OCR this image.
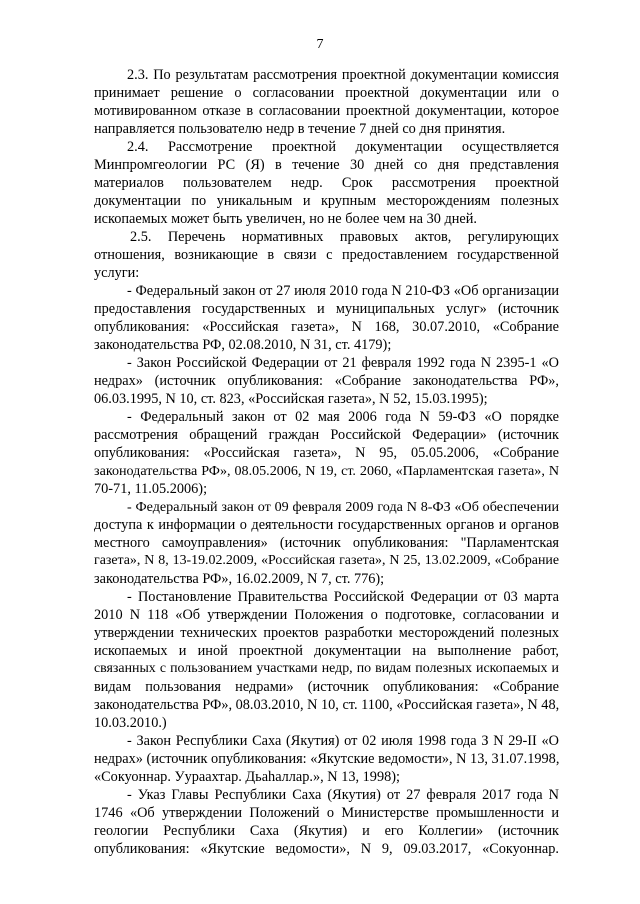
7
2.3. По результатам рассмотрения проектной документации комиссия
принимает решение о согласовании проектной документации или о
мотивированном отказе в согласовании проектной документации, которое
направляется пользователю недр в течение 7 дней со дня принятия.
2.4. Рассмотрение проектной документации осуществляется
Минпромгеологии РС (Я) в течение 30 дней со дня представления
материалов пользователем недр. Срок рассмотрения проектной
документации по уникальным и крупным месторождениям полезных
ископаемых может быть увеличен, но не более чем на 30 дней.
2.5. Перечень нормативных правовых актов, регулирующих
отношения, возникающие в связи с предоставлением государственной
услуги:
- Федеральный закон от 27 июля 2010 года N 210-ФЗ «Об организации
предоставления государственных и муниципальных услуг» (источник
опубликования: «Российская газета», N 168, 30.07.2010, «Собрание
законодательства РФ, 02.08.2010, N 31, ст. 4179);
- Закон Российской Федерации от 21 февраля 1992 года N 2395-1 «О
недрах» (источник опубликования: «Собрание законодательства РФ»,
06.03.1995, N 10, ст. 823, «Российская газета», N 52, 15.03.1995);
- Федеральный закон от 02 мая 2006 года N 59-ФЗ «О порядке
рассмотрения обращений граждан Российской Федерации» (источник
опубликования: «Российская газета», N 95, 05.05.2006, «Собрание
законодательства РФ», 08.05.2006, N 19, ст. 2060, «Парламентская газета», N
70-71, 11.05.2006);
- Федеральный закон от 09 февраля 2009 года N 8-ФЗ «Об обеспечении
доступа к информации о деятельности государственных органов и органов
местного самоуправления» (источник опубликования: "Парламентская
газета», N 8, 13-19.02.2009, «Российская газета», N 25, 13.02.2009, «Собрание
законодательства РФ», 16.02.2009, N 7, ст. 776);
- Постановление Правительства Российской Федерации от 03 марта
2010 N 118 «Об утверждении Положения о подготовке, согласовании и
утверждении технических проектов разработки месторождений полезных
ископаемых и иной проектной документации на выполнение работ,
связанных с пользованием участками недр, по видам полезных ископаемых и
видам пользования недрами» (источник опубликования: «Собрание
законодательства РФ», 08.03.2010, N 10, ст. 1100, «Российская газета», N 48,
10.03.2010.)
- Закон Республики Саха (Якутия) от 02 июля 1998 года З N 29-II «О
недрах» (источник опубликования: «Якутские ведомости», N 13, 31.07.1998,
«Сокуоннар. Уураахтар. Дьаһаллар.», N 13, 1998);
- Указ Главы Республики Саха (Якутия) от 27 февраля 2017 года N
1746 «Об утверждении Положений о Министерстве промышленности и
геологии Республики Саха (Якутия) и его Коллегии» (источник
опубликования: «Якутские ведомости», N 9, 09.03.2017, «Сокуоннар.
